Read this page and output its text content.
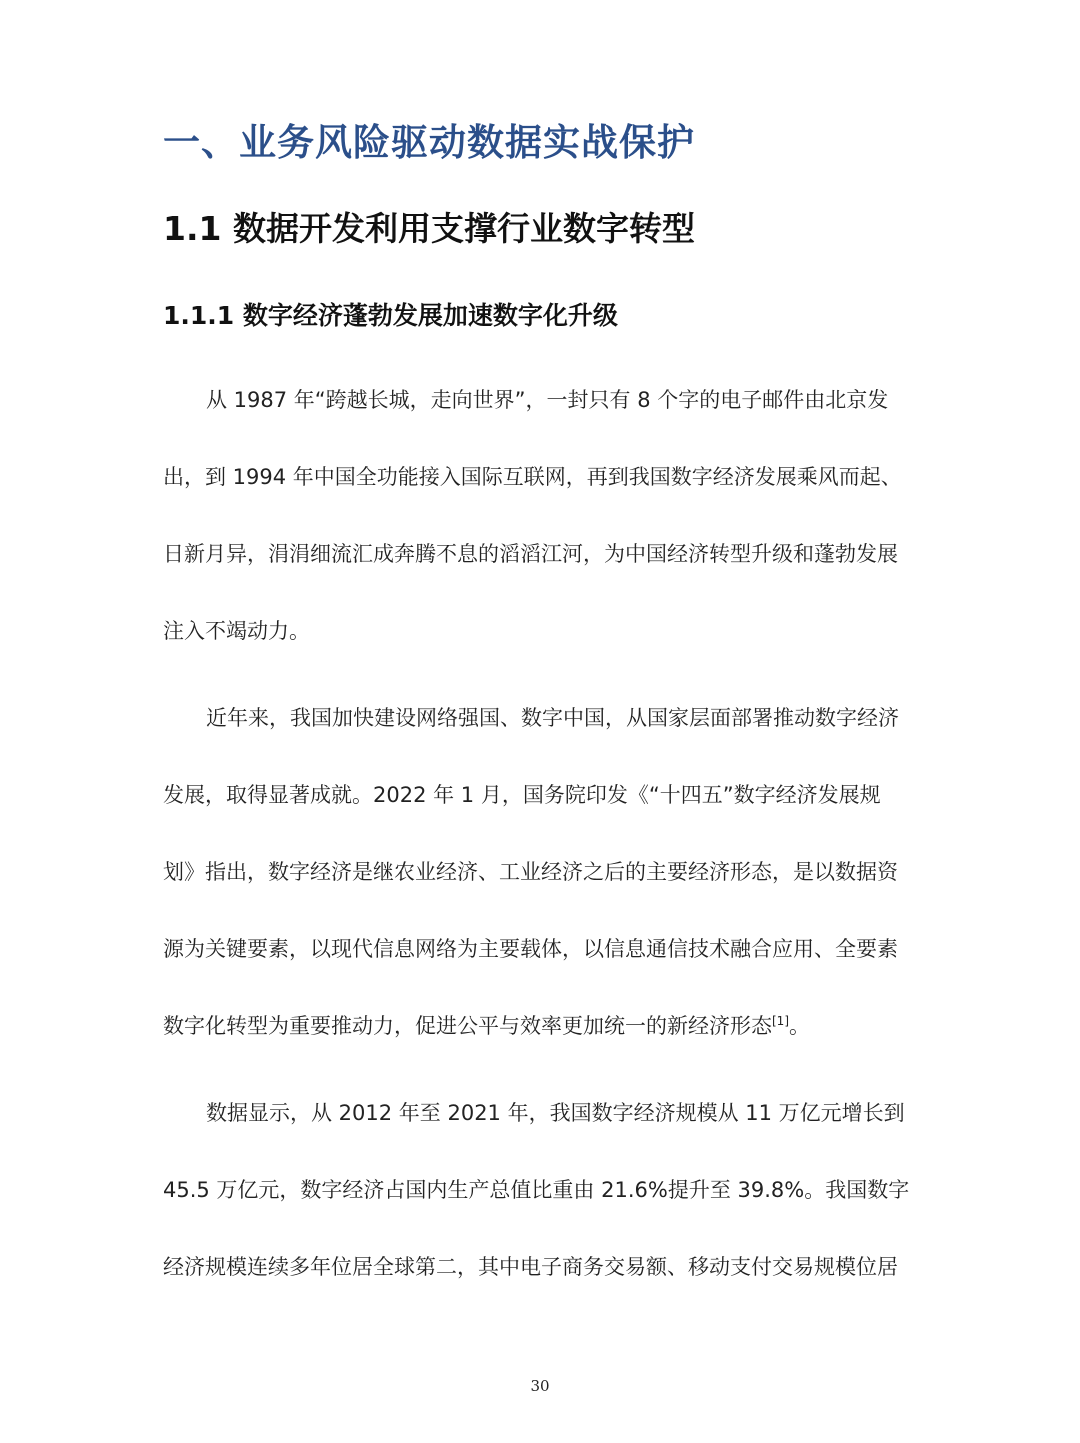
一、业务风险驱动数据实战保护
1.1 数据开发利用支撑行业数字转型
1.1.1 数字经济蓬勃发展加速数字化升级
从 1987 年“跨越长城，走向世界”，一封只有 8 个字的电子邮件由北京发
出，到 1994 年中国全功能接入国际互联网，再到我国数字经济发展乘风而起、
日新月异，涓涓细流汇成奔腾不息的滔滔江河，为中国经济转型升级和蓬勃发展
注入不竭动力。
近年来，我国加快建设网络强国、数字中国，从国家层面部署推动数字经济
发展，取得显著成就。2022 年 1 月，国务院印发《“十四五”数字经济发展规
划》指出，数字经济是继农业经济、工业经济之后的主要经济形态，是以数据资
源为关键要素，以现代信息网络为主要载体，以信息通信技术融合应用、全要素
数字化转型为重要推动力，促进公平与效率更加统一的新经济形态[1]。
数据显示，从 2012 年至 2021 年，我国数字经济规模从 11 万亿元增长到
45.5 万亿元，数字经济占国内生产总值比重由 21.6%提升至 39.8%。我国数字
经济规模连续多年位居全球第二，其中电子商务交易额、移动支付交易规模位居
30
